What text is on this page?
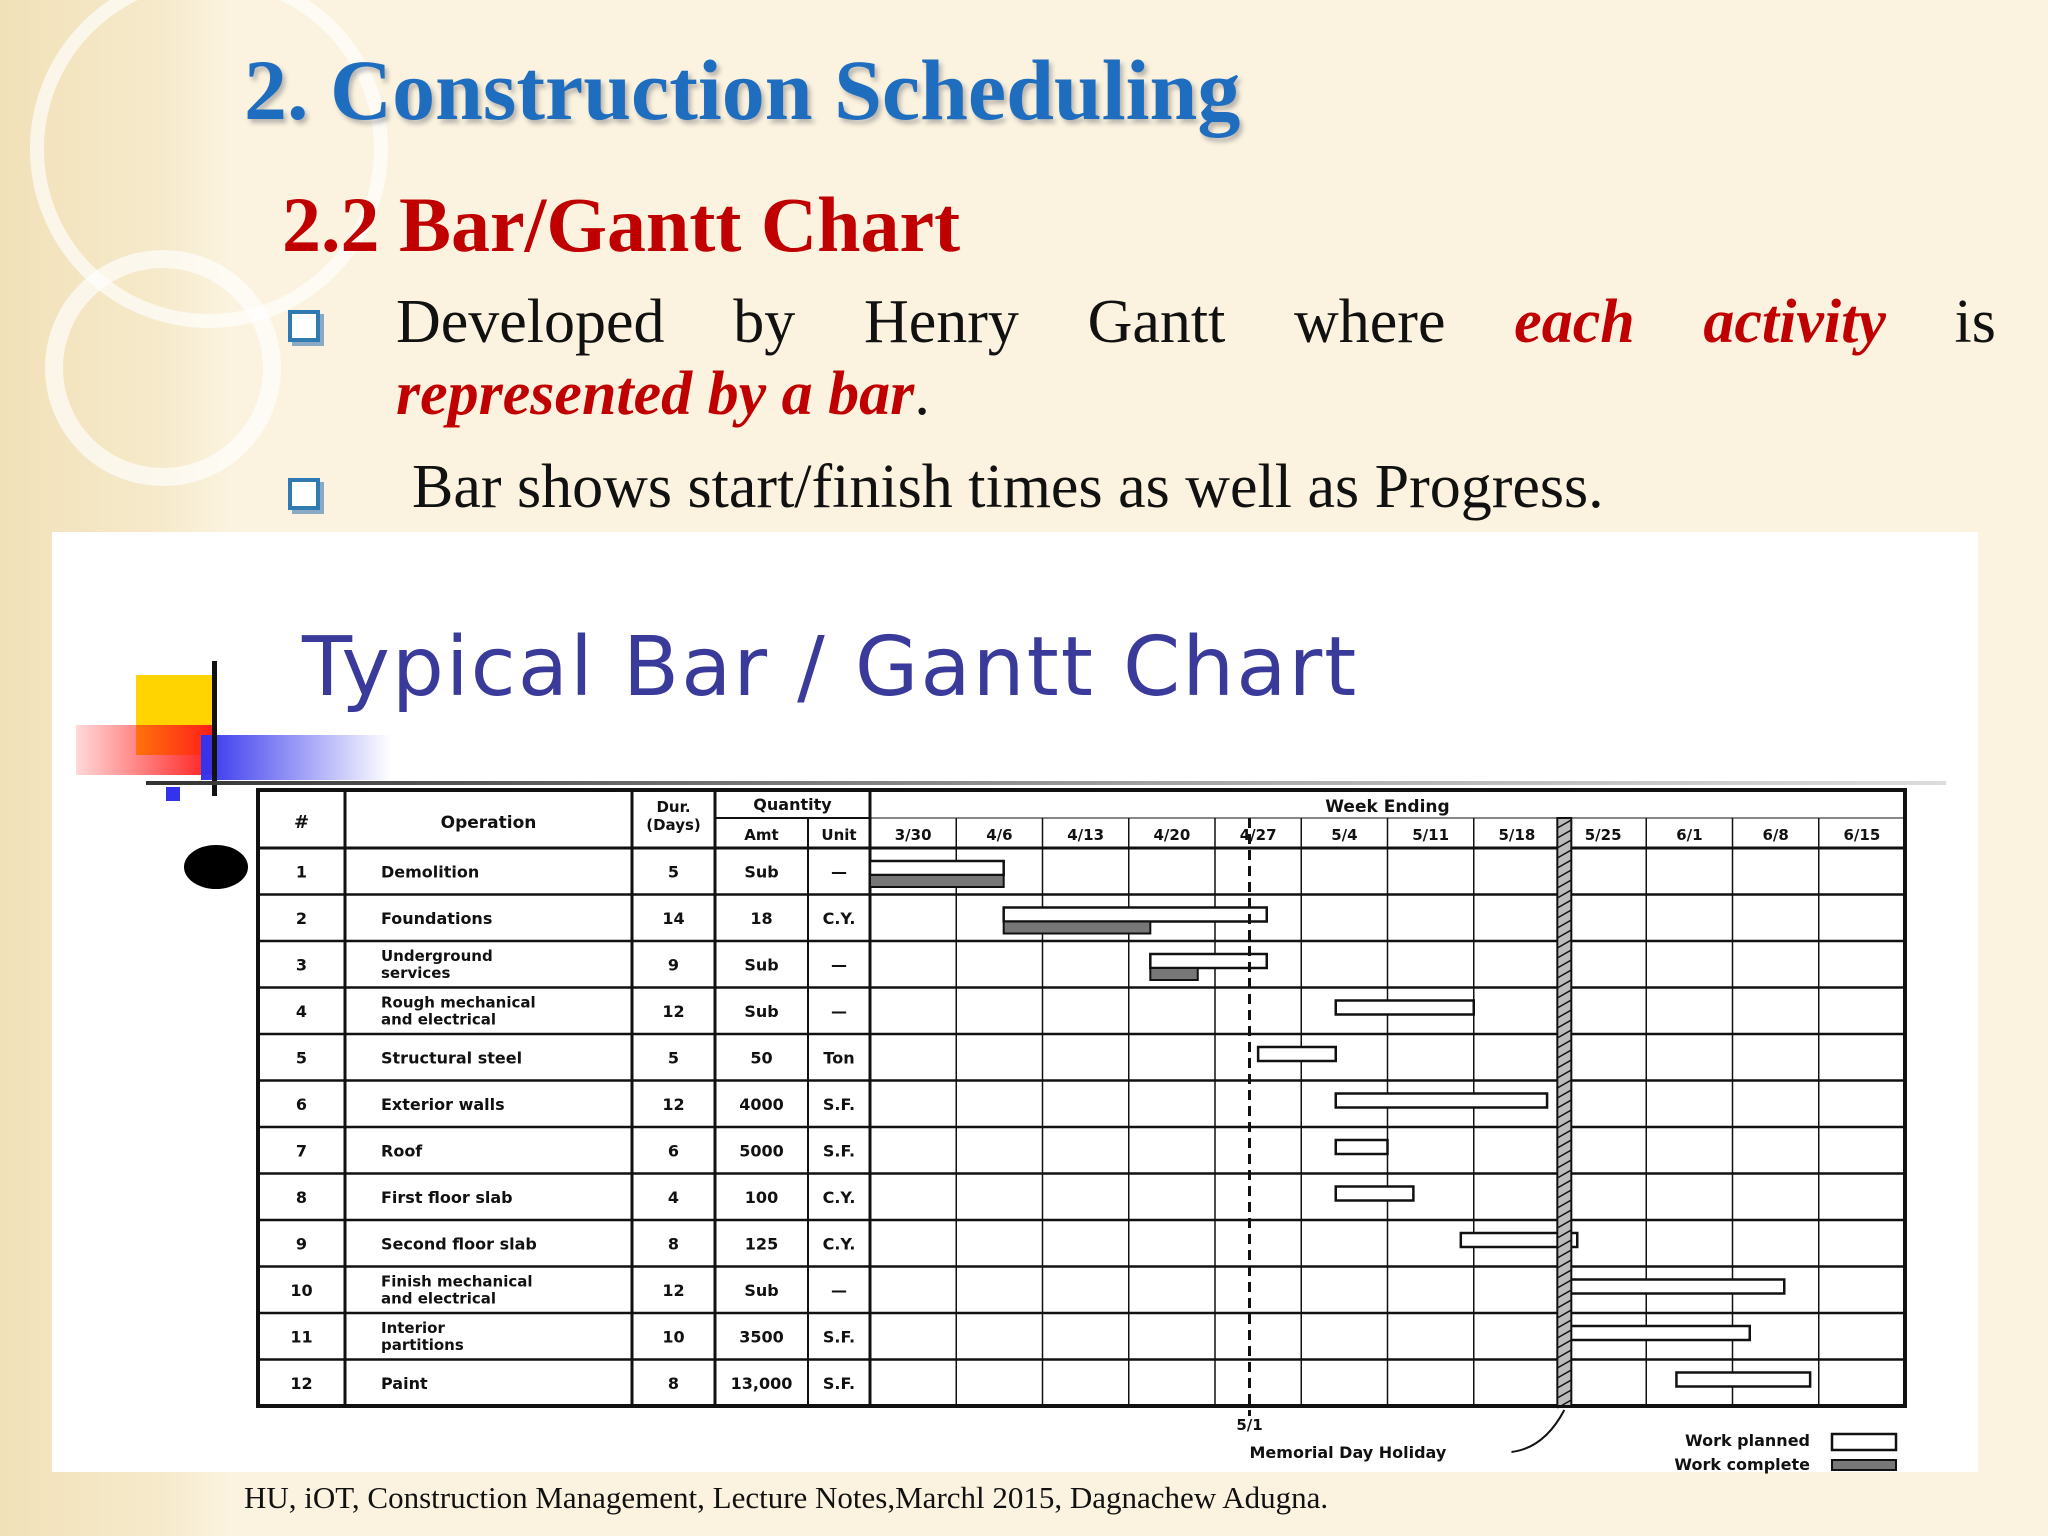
2. Construction Scheduling
2.2 Bar/Gantt Chart
Developed by Henry Gantt where each activity is
represented by a bar.
Bar shows start/finish times as well as Progress.
Typical Bar / Gantt Chart
#	Operation
Dur.
(Days)
Quantity
Amt	Unit
Week Ending
3/30	4/6	4/13	4/20	4/27	5/4	5/11	5/18	5/25	6/1	6/8	6/15
1	Demolition	5	Sub	—
2	Foundations	14	18	C.Y.
3	Underground
services	9	Sub	—
4	Rough mechanical
and electrical	12	Sub	—
5	Structural steel	5	50	Ton
6	Exterior walls	12	4000 S.F.
7	Roof	6	5000 S.F.
8	First floor slab	4	100	C.Y.
9	Second floor slab	8	125	C.Y.
10	Finish mechanical
and electrical	12	Sub	—
11	Interior
partitions	10	3500 S.F.
12	Paint	8	13,000 S.F.
5/1
Memorial Day Holiday
Work planned
Work complete
HU, iOT, Construction Management, Lecture Notes,Marchl 2015, Dagnachew Adugna.
